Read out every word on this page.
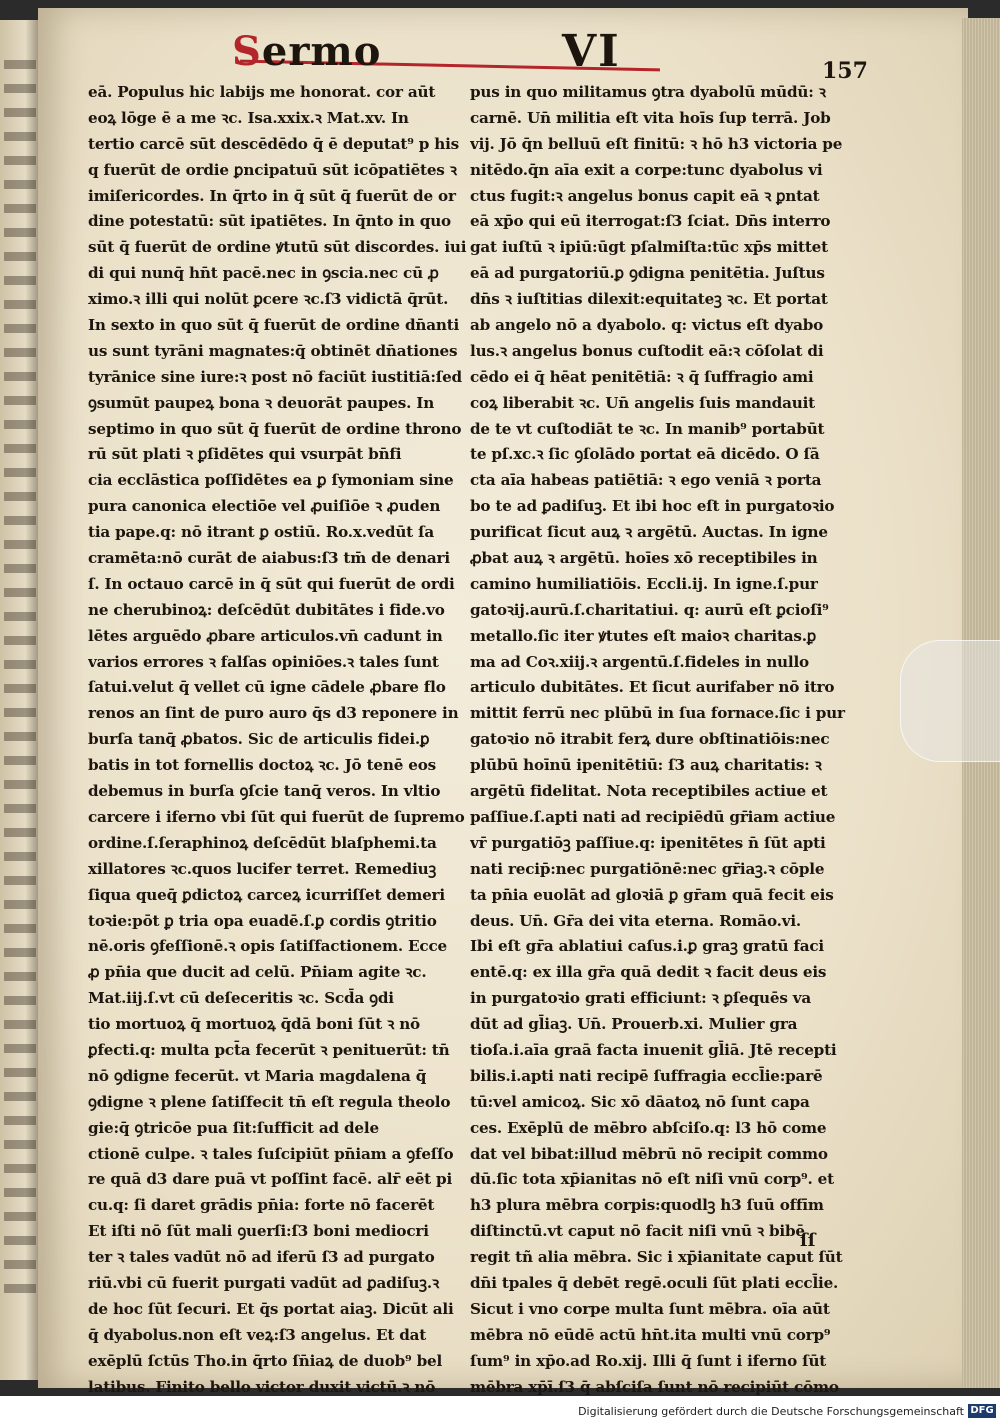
Sermo	VI	157
eā. Populus hic labijs me honorat. cor aūt
eoꝝ lōge ē a me ꝛc. Isa.xxix.ꝛ Mat.xv. In
tertio carcē sūt descēdēdo q̄ ē deputat⁹ p his
q fuerūt de ordie ꝑncipatuū sūt icōpatiētes ꝛ
imiſericordes. In q̄rto in q̄ sūt q̄ fuerūt de or
dine potestatū: sūt ipatiētes. In q̄nto in quo
sūt q̄ fuerūt de ordine ꝟtutū sūt discordes. iui
di qui nunq̄ hn̄t pacē.nec in ꝯscia.nec cū ꝓ
ximo.ꝛ illi qui nolūt ꝑcere ꝛc.ſ3 vidictā q̄rūt.
In sexto in quo sūt q̄ fuerūt de ordine dn̄anti
us sunt tyrāni magnates:q̄ obtinēt dn̄ationes
tyrānice sine iure:ꝛ post nō faciūt iustitiā:ſed
ꝯsumūt paupeꝝ bona ꝛ deuorāt paupes. In
septimo in quo sūt q̄ fuerūt de ordine throno
rū sūt plati ꝛ ꝑſidētes qui vsurpāt bn̄fi
cia ecclāstica poſſidētes ea ꝑ ſymoniam sine
pura canonica electiōe vel ꝓuiſiōe ꝛ ꝓuden
tia pape.q: nō itrant ꝑ ostiū. Ro.x.vedūt ſa
cramēta:nō curāt de aiabus:ſ3 tm̄ de denari
ſ. In octauo carcē in q̄ sūt qui fuerūt de ordi
ne cherubinoꝝ: deſcēdūt dubitātes i fide.vo
lētes arguēdo ꝓbare articulos.vn̄ cadunt in
varios errores ꝛ falſas opiniōes.ꝛ tales ſunt
ſatui.velut q̄ vellet cū igne cādele ꝓbare flo
renos an ſint de puro auro q̄s d3 reponere in
burſa tanq̄ ꝓbatos. Sic de articulis fidei.ꝑ
batis in tot fornellis doctoꝝ ꝛc. Jō tenē eos
debemus in burſa ꝯſcie tanq̄ veros. In vltio
carcere i iferno vbi ſūt qui fuerūt de ſupremo
ordine.ſ.ſeraphinoꝝ deſcēdūt blaſphemi.ta
xillatores ꝛc.quos lucifer terret. Remediuꝫ
ſiqua queq̄ ꝑdictoꝝ carceꝝ icurriſſet demeri
toꝛie:pōt ꝑ tria opa euadē.ſ.ꝑ cordis ꝯtritio
nē.oris ꝯfeſſionē.ꝛ opis ſatiſfactionem. Ecce
ꝓ pn̄ia que ducit ad celū. Pn̄iam agite ꝛc.
Mat.iij.ſ.vt cū deſeceritis ꝛc. Scd̄a ꝯdi
tio mortuoꝝ q̄ mortuoꝝ q̄dā boni ſūt ꝛ nō
ꝑfecti.q: multa pct̄a fecerūt ꝛ penituerūt: tn̄
nō ꝯdigne fecerūt. vt Maria magdalena q̄
ꝯdigne ꝛ plene ſatiſfecit tn̄ eſt regula theolo
gie:q̄ ꝯtricōe pua ſit:ſufficit ad dele
ctionē culpe. ꝛ tales ſuſcipiūt pn̄iam a ꝯfeſſo
re quā d3 dare puā vt poſſint facē. alr̄ eēt pi
cu.q: ſi daret grādis pn̄ia: forte nō facerēt
Et iſti nō ſūt mali ꝯuerſi:ſ3 boni mediocri
ter ꝛ tales vadūt nō ad iferū ſ3 ad purgato
riū.vbi cū fuerit purgati vadūt ad ꝑadiſuꝫ.ꝛ
de hoc ſūt ſecuri. Et q̄s portat aiaꝫ. Dicūt ali
q̄ dyabolus.non eſt veꝝ:ſ3 angelus. Et dat
exēplū ſctūs Tho.in q̄rto ſn̄iaꝝ de duob⁹ bel
latibus. Finito bello victor duxit victū.ꝛ nō
pus in quo militamus ꝯtra dyabolū mūdū: ꝛ
carnē. Un̄ militia eſt vita hoīs ſup terrā. Job
vij. Jō q̄n belluū eſt finitū: ꝛ hō h3 victoria pe
nitēdo.q̄n aīa exit a corpe:tunc dyabolus vi
ctus fugit:ꝛ angelus bonus capit eā ꝛ ꝑntat
eā xp̄o qui eū iterrogat:ſ3 ſciat. Dn̄s interro
gat iuſtū ꝛ ipiū:ūgt pſalmiſta:tūc xp̄s mittet
eā ad purgatoriū.ꝑ ꝯdigna penitētia. Juſtus
dn̄s ꝛ iuſtitias dilexit:equitateꝫ ꝛc. Et portat
ab angelo nō a dyabolo. q: victus eſt dyabo
lus.ꝛ angelus bonus cuſtodit eā:ꝛ cōſolat di
cēdo ei q̄ hēat penitētiā: ꝛ q̄ ſuffragio ami
coꝝ liberabit ꝛc. Un̄ angelis ſuis mandauit
de te vt cuſtodiāt te ꝛc. In manib⁹ portabūt
te pſ.xc.ꝛ ſic ꝯſolādo portat eā dicēdo. O ſā
cta aīa habeas patiētiā: ꝛ ego veniā ꝛ porta
bo te ad ꝑadiſuꝫ. Et ibi hoc eſt in purgatoꝛio
purificat ſicut auꝝ ꝛ argētū. Auctas. In igne
ꝓbat auꝝ ꝛ argētū. hoīes xō receptibiles in
camino humiliatiōis. Eccli.ij. In igne.ſ.pur
gatoꝛij.aurū.ſ.charitatiui. q: aurū eſt ꝑcioſi⁹
metallo.ſic iter ꝟtutes eſt maioꝛ charitas.ꝑ
ma ad Coꝛ.xiij.ꝛ argentū.ſ.fideles in nullo
articulo dubitātes. Et ſicut aurifaber nō itro
mittit ferrū nec plūbū in ſua fornace.ſic i pur
gatoꝛio nō itrabit ferꝝ dure obſtinatiōis:nec
plūbū hoīnū ipenitētiū: ſ3 auꝝ charitatis: ꝛ
argētū fidelitat. Nota receptibiles actiue et
paſſiue.ſ.apti nati ad recipiēdū gr̄iam actiue
vr̄ purgatiōꝫ paſſiue.q: ipenitētes n̄ ſūt apti
nati recip̄:nec purgatiōnē:nec gr̄iaꝫ.ꝛ cōple
ta pn̄ia euolāt ad gloꝛiā ꝑ gr̄am quā fecit eis
deus. Un̄. Gr̄a dei vita eterna. Romāo.vi.
Ibi eſt gr̄a ablatiui caſus.i.ꝑ graꝫ gratū faci
entē.q: ex illa gr̄a quā dedit ꝛ facit deus eis
in purgatoꝛio grati efficiunt: ꝛ ꝑſequēs va
dūt ad gl̄iaꝫ. Un̄. Prouerb.xi. Mulier gra
tioſa.i.aīa graā facta inuenit gl̄iā. Jtē recepti
bilis.i.apti nati recipē ſuffragia eccl̄ie:parē
tū:vel amicoꝝ. Sic xō dāatoꝝ nō ſunt capa
ces. Exēplū de mēbro abſciſo.q: l3 hō come
dat vel bibat:illud mēbrū nō recipit commo
dū.ſic tota xp̄ianitas nō eſt niſi vnū corp⁹. et
h3 plura mēbra corpis:quodlꝫ h3 ſuū offīm
diſtinctū.vt caput nō facit niſi vnū ꝛ bibē
regit tñ alia mēbra. Sic i xp̄ianitate caput ſūt
dn̄i tpales q̄ debēt regē.oculi ſūt plati eccl̄ie.
Sicut i vno corpe multa ſunt mēbra. oīa aūt
mēbra nō eūdē actū hn̄t.ita multi vnū corp⁹
ſum⁹ in xp̄o.ad Ro.xij. Illi q̄ ſunt i iferno ſūt
mēbra xp̄ī.ſ3 q̄ abſciſa ſunt nō recipiūt cōmo
ſſ
Digitalisierung gefördert durch die Deutsche Forschungsgemeinschaft DFG
